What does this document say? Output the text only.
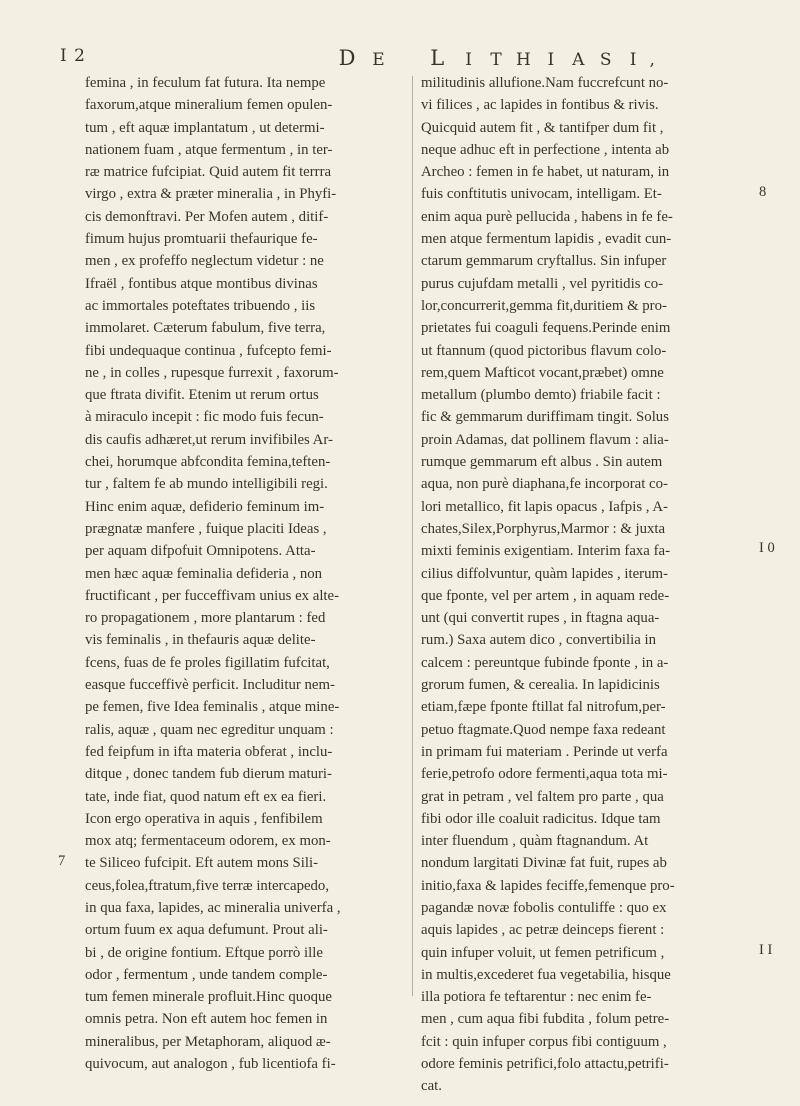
I 2	D E L I T H I A S I ,
femina , in feculum fat futura. Ita nempe
faxorum,atque mineralium femen opulen-
tum , eft aquæ implantatum , ut determi-
nationem fuam , atque fermentum , in ter-
ræ matrice fufcipiat. Quid autem fit terrra
virgo , extra & præter mineralia , in Phyfi-
cis demonftravi. Per Mofen autem , ditif-
fimum hujus promtuarii thefaurique fe-
men , ex profeffo neglectum videtur : ne
Ifraël , fontibus atque montibus divinas
ac immortales poteftates tribuendo , iis
immolaret. Cæterum fabulum, five terra,
fibi undequaque continua , fufcepto femi-
ne , in colles , rupesque furrexit , faxorum-
que ftrata divifit. Etenim ut rerum ortus
à miraculo incepit : fic modo fuis fecun-
dis caufis adhæret,ut rerum invifibiles Ar-
chei, horumque abfcondita femina,teften-
tur , faltem fe ab mundo intelligibili regi.
Hinc enim aquæ, defiderio feminum im-
prægnatæ manfere , fuique placiti Ideas ,
per aquam difpofuit Omnipotens. Atta-
men hæc aquæ feminalia defideria , non
fructificant , per fucceffivam unius ex alte-
ro propagationem , more plantarum : fed
vis feminalis , in thefauris aquæ delite-
fcens, fuas de fe proles figillatim fufcitat,
easque fucceffivè perficit. Includitur nem-
pe femen, five Idea feminalis , atque mine-
ralis, aquæ , quam nec egreditur unquam :
fed feipfum in ifta materia obferat , inclu-
ditque , donec tandem fub dierum maturi-
tate, inde fiat, quod natum eft ex ea fieri.
Icon ergo operativa in aquis , fenfibilem
mox atq; fermentaceum odorem, ex mon-
te Siliceo fufcipit. Eft autem mons Sili-
ceus,folea,ftratum,five terræ intercapedo,
in qua faxa, lapides, ac mineralia univerfa ,
ortum fuum ex aqua defumunt. Prout ali-
bi , de origine fontium. Eftque porrò ille
odor , fermentum , unde tandem comple-
tum femen minerale profluit.Hinc quoque
omnis petra. Non eft autem hoc femen in
mineralibus, per Metaphoram, aliquod æ-
quivocum, aut analogon , fub licentiofa fi-
militudinis allufione.Nam fuccrefcunt no-
vi filices , ac lapides in fontibus & rivis.
Quicquid autem fit , & tantifper dum fit ,
neque adhuc eft in perfectione , intenta ab
Archeo : femen in fe habet, ut naturam, in
fuis conftitutis univocam, intelligam. Et-
enim aqua purè pellucida , habens in fe fe-
men atque fermentum lapidis , evadit cun-
ctarum gemmarum cryftallus. Sin infuper
purus cujufdam metalli , vel pyritidis co-
lor,concurrerit,gemma fit,duritiem & pro-
prietates fui coaguli fequens.Perinde enim
ut ftannum (quod pictoribus flavum colo-
rem,quem Mafticot vocant,præbet) omne
metallum (plumbo demto) friabile facit :
fic & gemmarum duriffimam tingit. Solus
proin Adamas, dat pollinem flavum : alia-
rumque gemmarum eft albus . Sin autem
aqua, non purè diaphana,fe incorporat co-
lori metallico, fit lapis opacus , Iafpis , A-
chates,Silex,Porphyrus,Marmor : & juxta
mixti feminis exigentiam. Interim faxa fa-
cilius diffolvuntur, quàm lapides , iterum-
que fponte, vel per artem , in aquam rede-
unt (qui convertit rupes , in ftagna aqua-
rum.) Saxa autem dico , convertibilia in
calcem : pereuntque fubinde fponte , in a-
grorum fumen, & cerealia. In lapidicinis
etiam,fæpe fponte ftillat fal nitrofum,per-
petuo ftagmate.Quod nempe faxa redeant
in primam fui materiam . Perinde ut verfa
ferie,petrofo odore fermenti,aqua tota mi-
grat in petram , vel faltem pro parte , qua
fibi odor ille coaluit radicitus. Idque tam
inter fluendum , quàm ftagnandum. At
nondum largitati Divinæ fat fuit, rupes ab
initio,faxa & lapides feciffe,femenque pro-
pagandæ novæ fobolis contuliffe : quo ex
aquis lapides , ac petræ deinceps fierent :
quin infuper voluit, ut femen petrificum ,
in multis,excederet fua vegetabilia, hisque
illa potiora fe teftarentur : nec enim fe-
men , cum aqua fibi fubdita , folum petre-
fcit : quin infuper corpus fibi contiguum ,
odore feminis petrifici,folo attactu,petrifi-
cat.
7
8
I 0
I I
